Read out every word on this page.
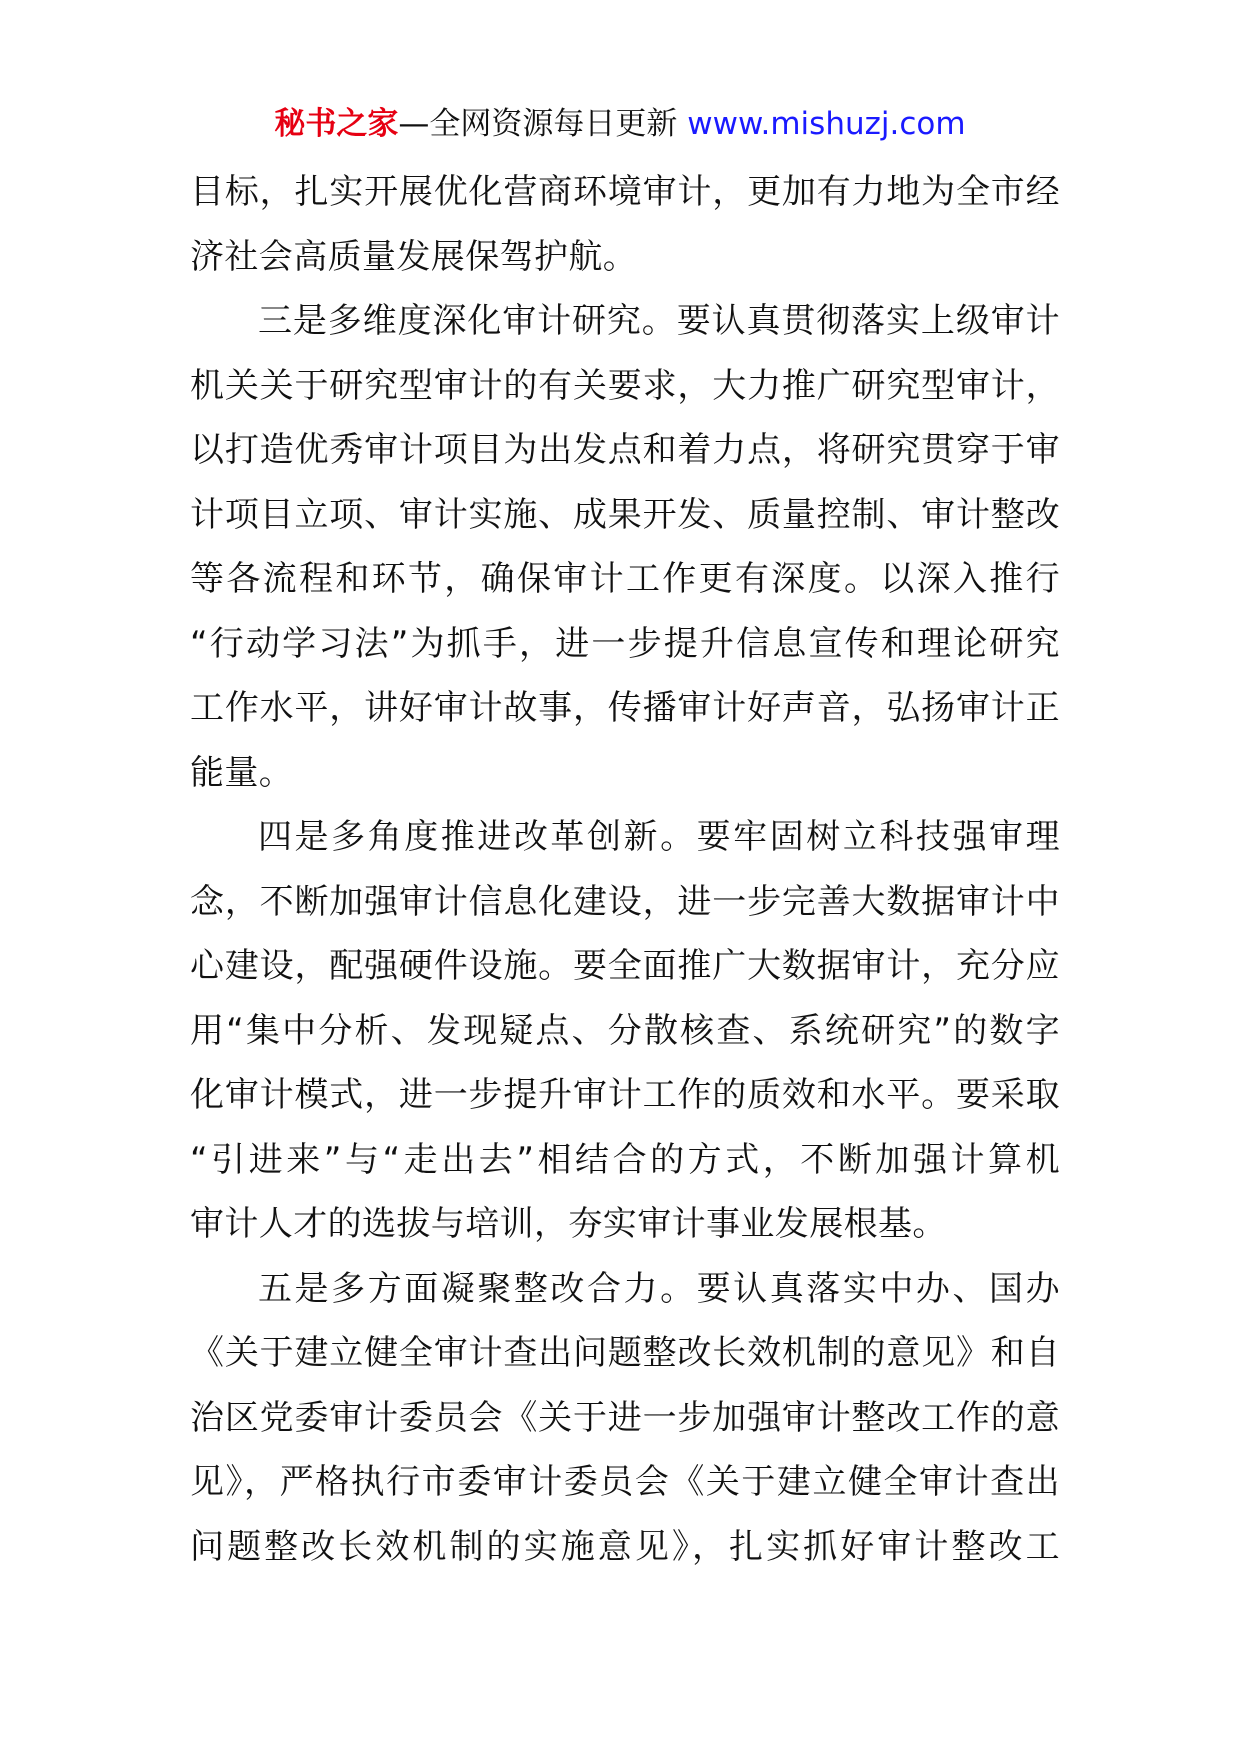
秘书之家—全网资源每日更新 www.mishuzj.com
目标，扎实开展优化营商环境审计，更加有力地为全市经
济社会高质量发展保驾护航。
三是多维度深化审计研究。要认真贯彻落实上级审计
机关关于研究型审计的有关要求，大力推广研究型审计，
以打造优秀审计项目为出发点和着力点，将研究贯穿于审
计项目立项、审计实施、成果开发、质量控制、审计整改
等各流程和环节，确保审计工作更有深度。以深入推行
“行动学习法”为抓手，进一步提升信息宣传和理论研究
工作水平，讲好审计故事，传播审计好声音，弘扬审计正
能量。
四是多角度推进改革创新。要牢固树立科技强审理
念，不断加强审计信息化建设，进一步完善大数据审计中
心建设，配强硬件设施。要全面推广大数据审计，充分应
用“集中分析、发现疑点、分散核查、系统研究”的数字
化审计模式，进一步提升审计工作的质效和水平。要采取
“引进来”与“走出去”相结合的方式，不断加强计算机
审计人才的选拔与培训，夯实审计事业发展根基。
五是多方面凝聚整改合力。要认真落实中办、国办
《关于建立健全审计查出问题整改长效机制的意见》和自
治区党委审计委员会《关于进一步加强审计整改工作的意
见》，严格执行市委审计委员会《关于建立健全审计查出
问题整改长效机制的实施意见》，扎实抓好审计整改工
